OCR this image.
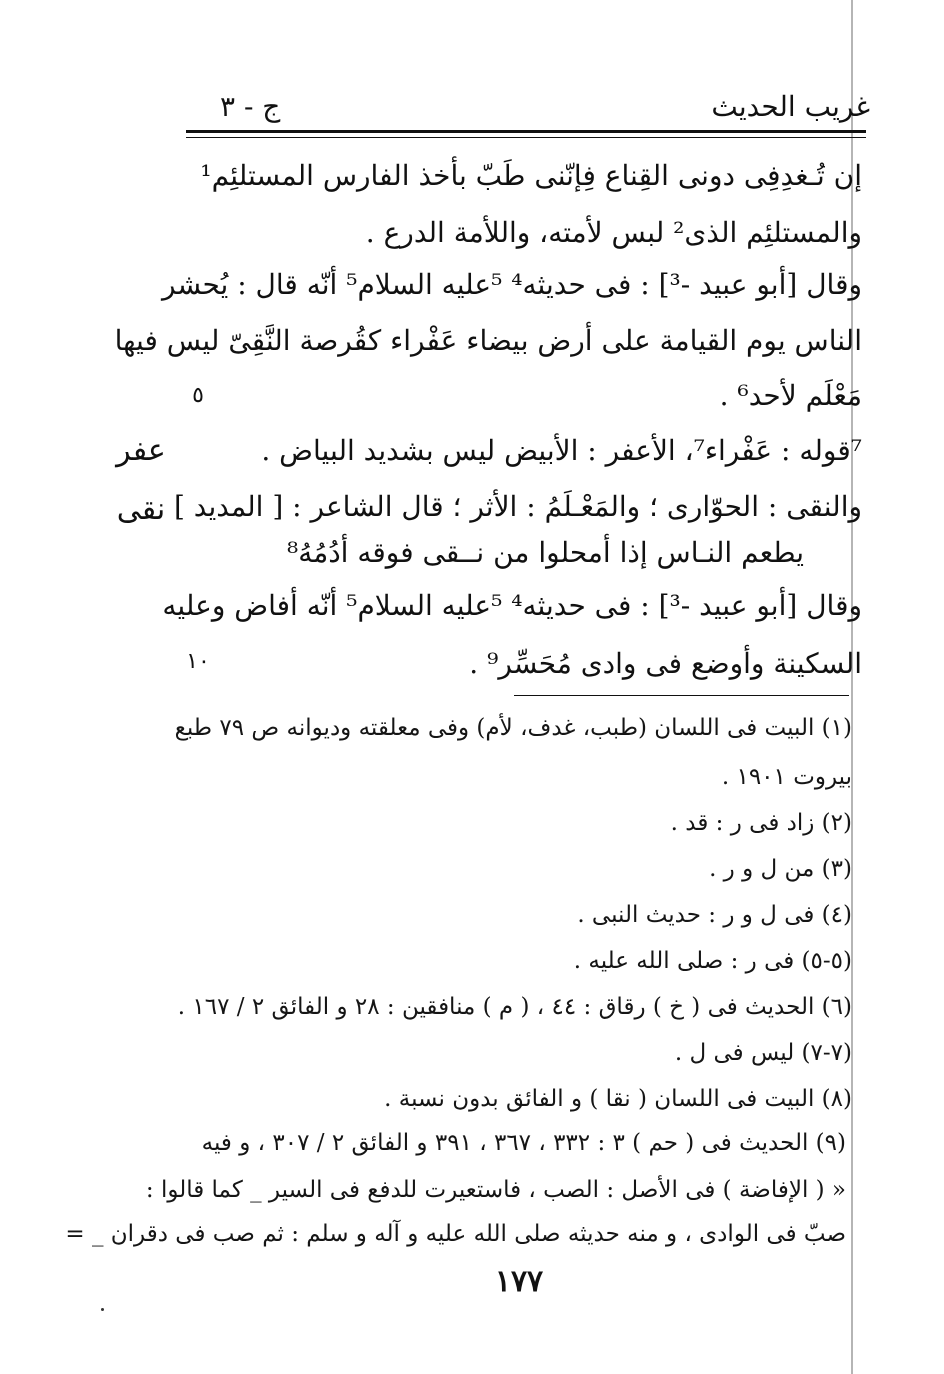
غريب الحديث
ج - ٣
إن تُـغدِفِى دونى القِناع فِإنّنى طَبّ بأخذ الفارس المستلئِم¹
والمستلئِم الذى² لبس لأمته، واللأمة الدرع .
وقال [أبو عبيد -³] : فى حديثه⁴ ⁵عليه السلام⁵ أنّه قال : يُحشر
الناس يوم القيامة على أرض بيضاء عَفْراء كقُرصة النَّقِىّ ليس فيها
مَعْلَم لأحد⁶ .
⁷قوله : عَفْراء⁷، الأعفر : الأبيض ليس بشديد البياض .
والنقى : الحوّارى ؛ والمَعْـلَمُ : الأثر ؛ قال الشاعر : [ المديد ]
يطعم النـاس إذا أمحلوا من نــقى فوقه أدُمُهُ⁸
وقال [أبو عبيد -³] : فى حديثه⁴ ⁵عليه السلام⁵ أنّه أفاض وعليه
السكينة وأوضع فى وادى مُحَسِّر⁹ .
عفر
نقى
٥
١٠
(١) البيت فى اللسان (طبب، غدف، لأم) وفى معلقته وديوانه ص ٧٩ طبع
بيروت ١٩٠١ .
(٢) زاد فى ر : قد .
(٣) من ل و ر .
(٤) فى ل و ر : حديث النبى .
(٥-٥) فى ر : صلى الله عليه .
(٦) الحديث فى ( خ ) رقاق : ٤٤ ، ( م ) منافقين : ٢٨ و الفائق ٢ / ١٦٧ .
(٧-٧) ليس فى ل .
(٨) البيت فى اللسان ( نقا ) و الفائق بدون نسبة .
(٩) الحديث فى ( حم ) ٣ : ٣٣٢ ، ٣٦٧ ، ٣٩١ و الفائق ٢ / ٣٠٧ ، و فيه
« ( الإفاضة ) فى الأصل : الصب ، فاستعيرت للدفع فى السير _ كما قالوا :
صبّ فى الوادى ، و منه حديثه صلى الله عليه و آله و سلم : ثم صب فى دقران _ =
١٧٧
